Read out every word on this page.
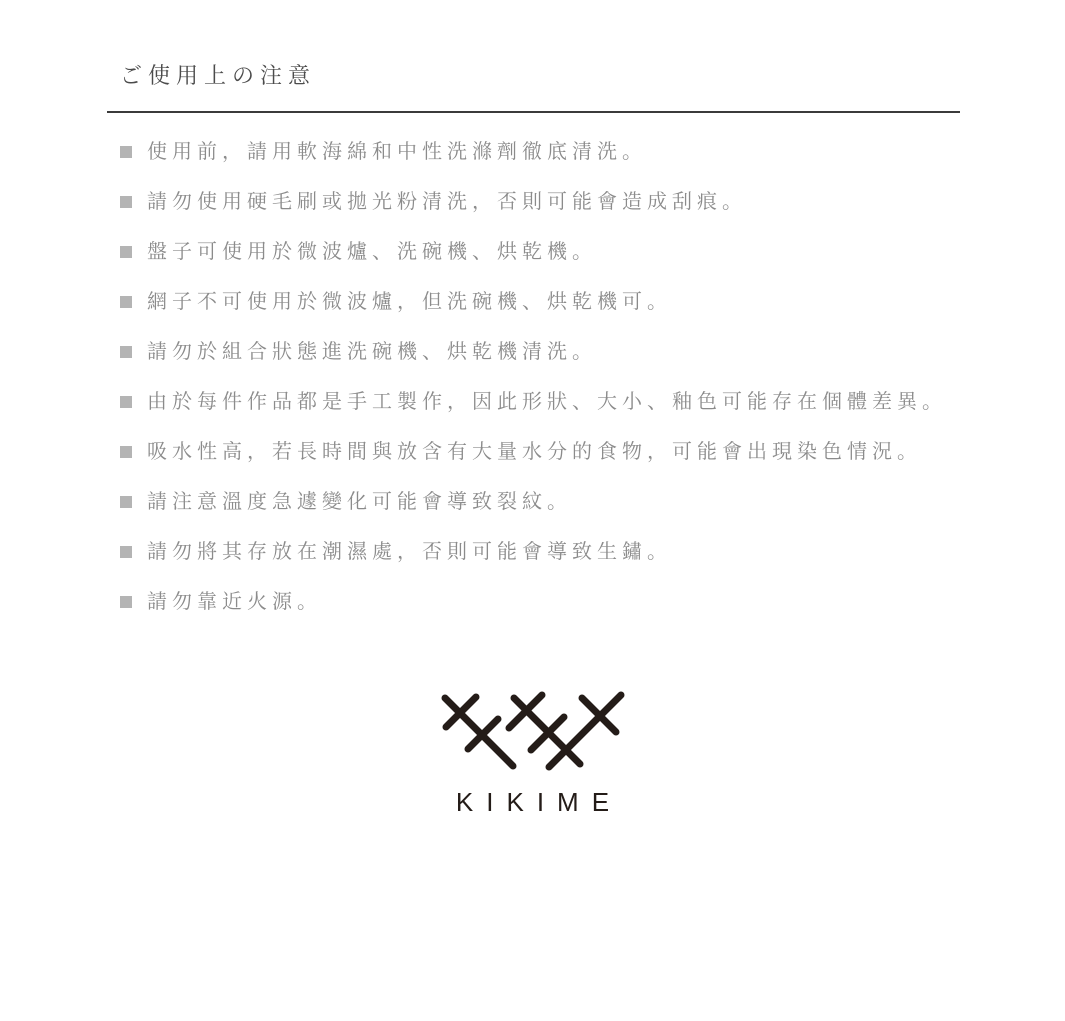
ご使用上の注意
使用前，請用軟海綿和中性洗滌劑徹底清洗。
請勿使用硬毛刷或拋光粉清洗，否則可能會造成刮痕。
盤子可使用於微波爐、洗碗機、烘乾機。
網子不可使用於微波爐，但洗碗機、烘乾機可。
請勿於組合狀態進洗碗機、烘乾機清洗。
由於每件作品都是手工製作，因此形狀、大小、釉色可能存在個體差異。
吸水性高，若長時間與放含有大量水分的食物，可能會出現染色情況。
請注意溫度急遽變化可能會導致裂紋。
請勿將其存放在潮濕處，否則可能會導致生鏽。
請勿靠近火源。
KIKIME
